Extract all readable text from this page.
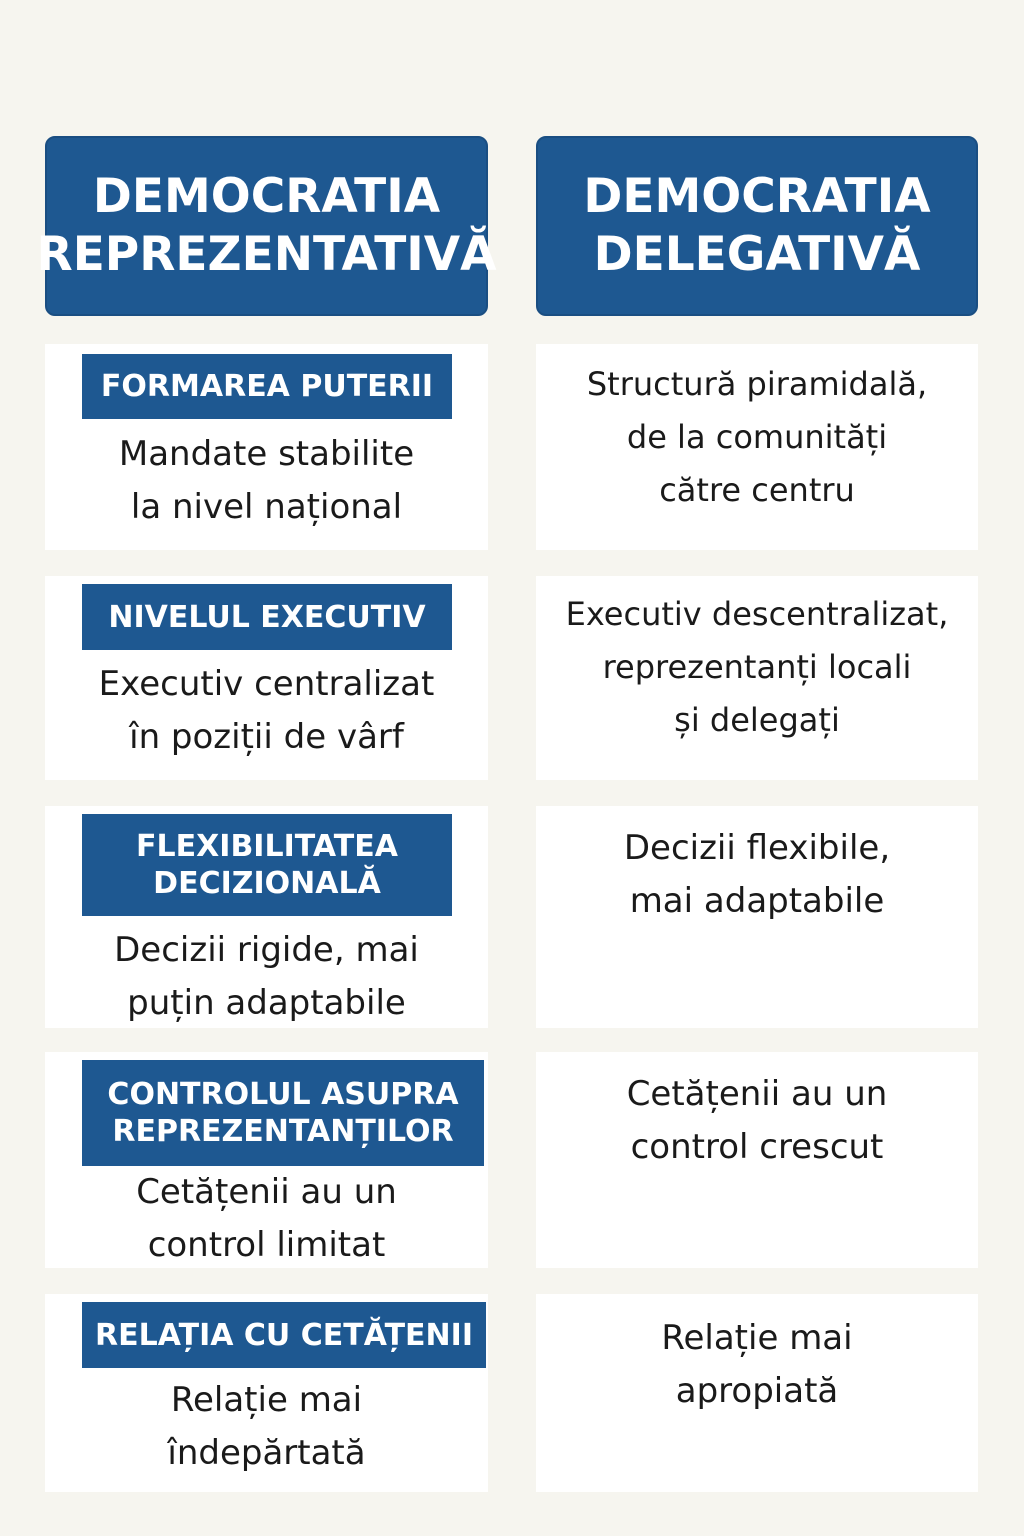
DEMOCRATIA
REPREZENTATIVĂ
DEMOCRATIA
DELEGATIVĂ
FORMAREA PUTERII
Mandate stabilite
la nivel național
Structură piramidală,
de la comunități
către centru
NIVELUL EXECUTIV
Executiv centralizat
în poziții de vârf
Executiv descentralizat,
reprezentanți locali
și delegați
FLEXIBILITATEA
DECIZIONALĂ
Decizii rigide, mai
puțin adaptabile
Decizii flexibile,
mai adaptabile
CONTROLUL ASUPRA
REPREZENTANȚILOR
Cetățenii au un
control limitat
Cetățenii au un
control crescut
RELAȚIA CU CETĂȚENII
Relație mai
îndepărtată
Relație mai
apropiată
